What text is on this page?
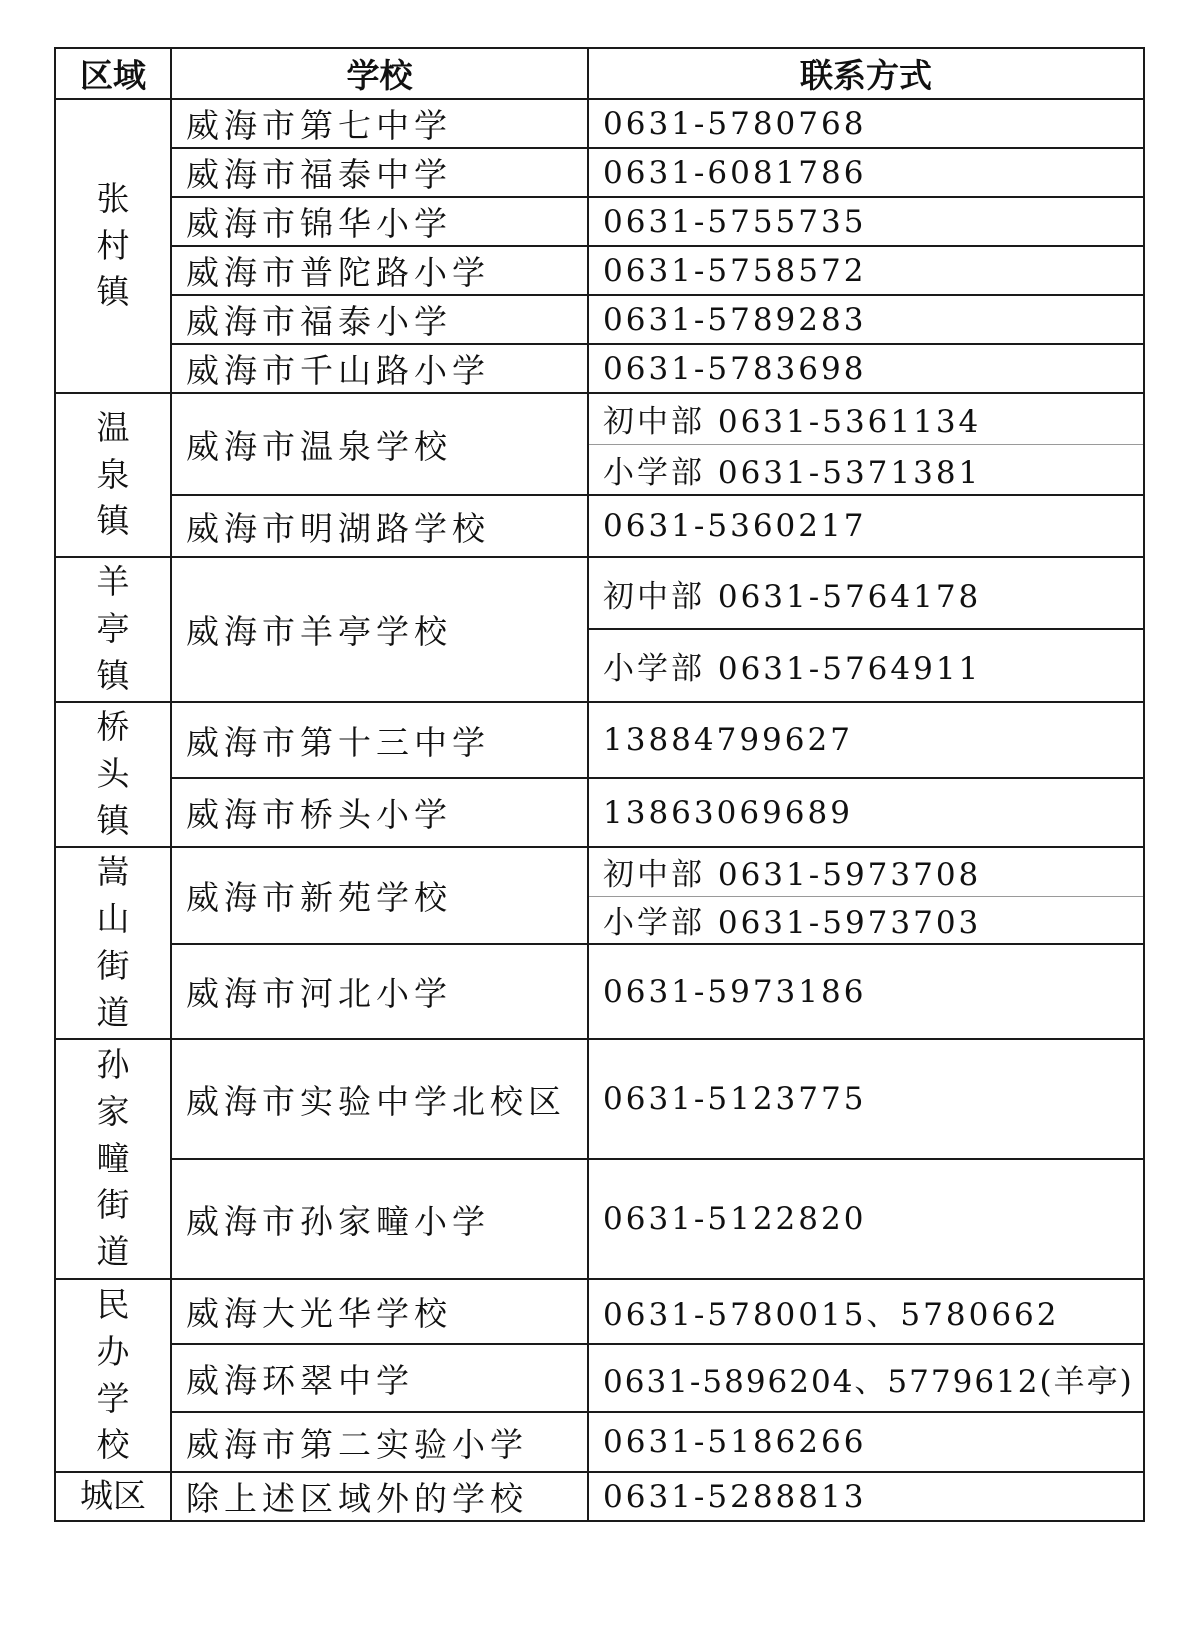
区域	学校	联系方式
张村镇	威海市第七中学	0631-5780768
	威海市福泰中学	0631-6081786
	威海市锦华小学	0631-5755735
	威海市普陀路小学	0631-5758572
	威海市福泰小学	0631-5789283
	威海市千山路小学	0631-5783698
温泉镇	威海市温泉学校	初中部 0631-5361134
		小学部 0631-5371381
	威海市明湖路学校	0631-5360217
羊亭镇	威海市羊亭学校	初中部 0631-5764178
		小学部 0631-5764911
桥头镇	威海市第十三中学	13884799627
	威海市桥头小学	13863069689
嵩山街道	威海市新苑学校	初中部 0631-5973708
		小学部 0631-5973703
	威海市河北小学	0631-5973186
孙家疃街道	威海市实验中学北校区	0631-5123775
	威海市孙家疃小学	0631-5122820
民办学校	威海大光华学校	0631-5780015、5780662
	威海环翠中学	0631-5896204、5779612(羊亭)
	威海市第二实验小学	0631-5186266
城区	除上述区域外的学校	0631-5288813
